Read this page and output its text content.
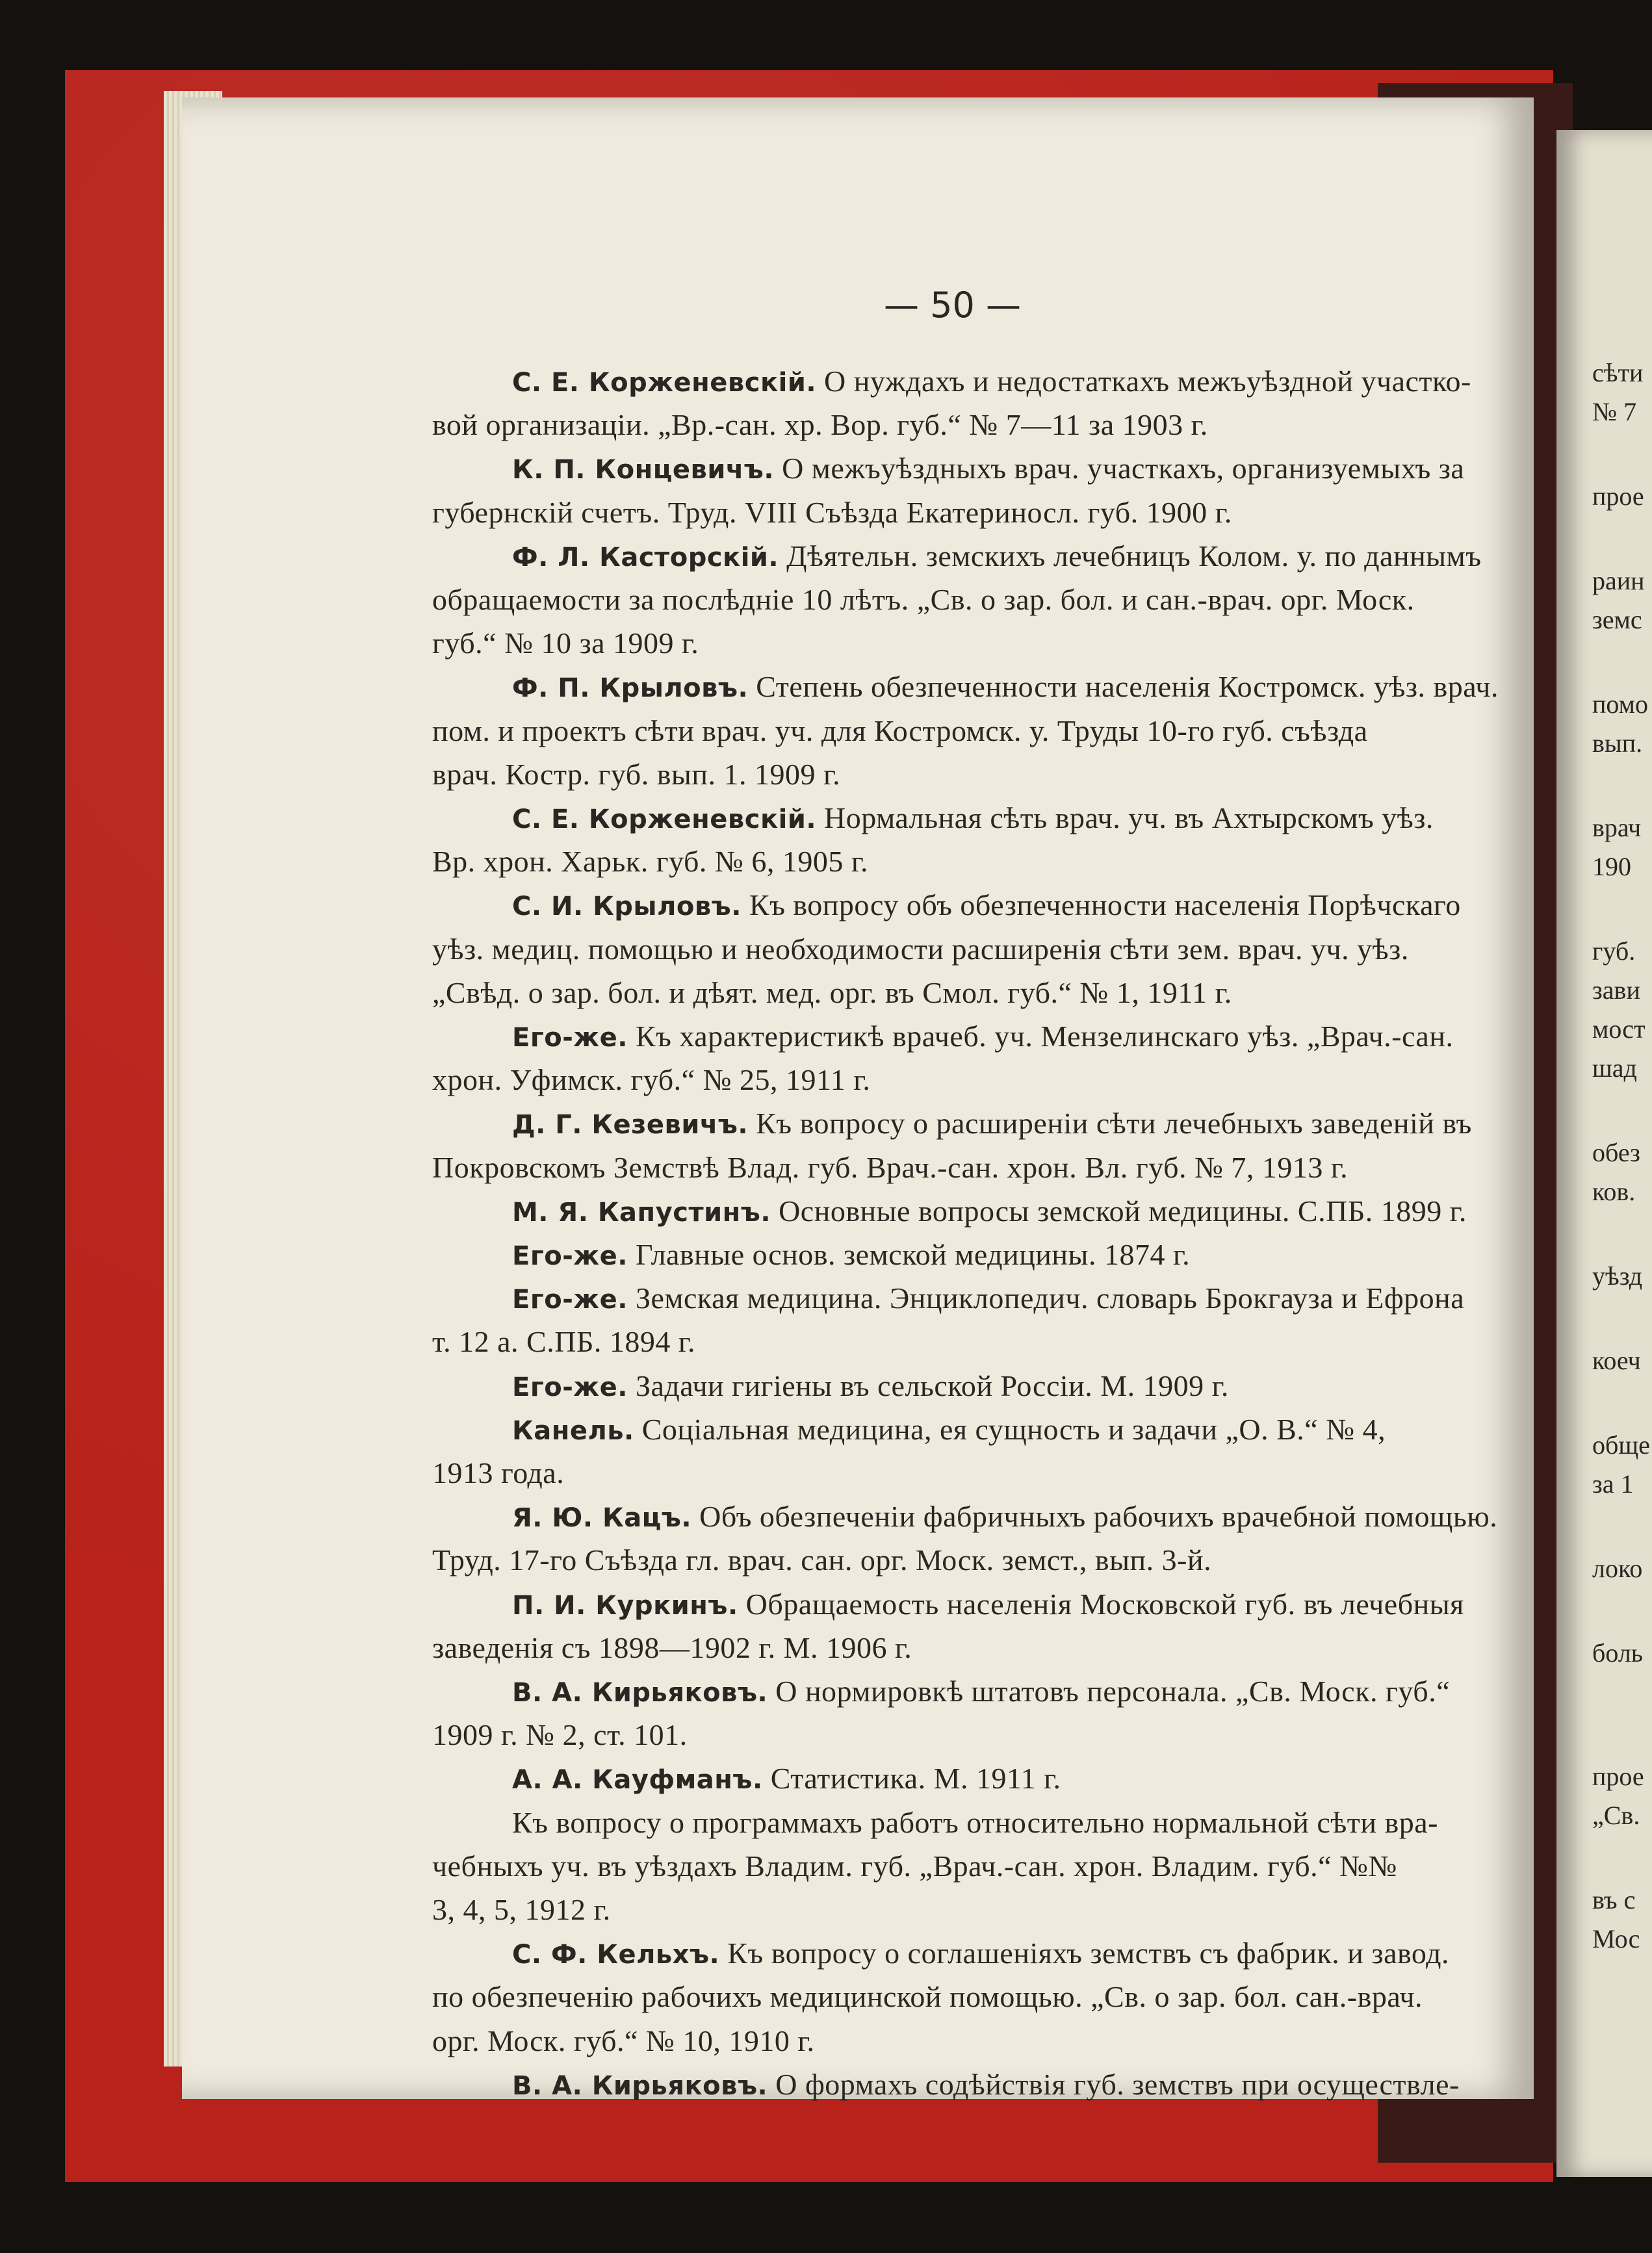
сѣти
№ 7
прое
раин
земс
помо
вып.
врач
190
губ.
зави
мост
шад
обез
ков.
уѣзд
коеч
обще
за 1
локо
боль
прое
„Св.
въ с
Мос
— 50 —
С. Е. Корженевскій. О нуждахъ и недостаткахъ межъуѣздной участко-
вой организаціи. „Вр.-сан. хр. Вор. губ.“ № 7—11 за 1903 г.
К. П. Концевичъ. О межъуѣздныхъ врач. участкахъ, организуемыхъ за
губернскій счетъ. Труд. VIII Съѣзда Екатериносл. губ. 1900 г.
Ф. Л. Касторскій. Дѣятельн. земскихъ лечебницъ Колом. у. по даннымъ
обращаемости за послѣдніе 10 лѣтъ. „Св. о зар. бол. и сан.-врач. орг. Моск.
губ.“ № 10 за 1909 г.
Ф. П. Крыловъ. Степень обезпеченности населенія Костромск. уѣз. врач.
пом. и проектъ сѣти врач. уч. для Костромск. у. Труды 10-го губ. съѣзда
врач. Костр. губ. вып. 1. 1909 г.
С. Е. Корженевскій. Нормальная сѣть врач. уч. въ Ахтырскомъ уѣз.
Вр. хрон. Харьк. губ. № 6, 1905 г.
С. И. Крыловъ. Къ вопросу объ обезпеченности населенія Порѣчскаго
уѣз. медиц. помощью и необходимости расширенія сѣти зем. врач. уч. уѣз.
„Свѣд. о зар. бол. и дѣят. мед. орг. въ Смол. губ.“ № 1, 1911 г.
Его-же. Къ характеристикѣ врачеб. уч. Мензелинскаго уѣз. „Врач.-сан.
хрон. Уфимск. губ.“ № 25, 1911 г.
Д. Г. Кезевичъ. Къ вопросу о расширеніи сѣти лечебныхъ заведеній въ
Покровскомъ Земствѣ Влад. губ. Врач.-сан. хрон. Вл. губ. № 7, 1913 г.
М. Я. Капустинъ. Основные вопросы земской медицины. С.ПБ. 1899 г.
Его-же. Главные основ. земской медицины. 1874 г.
Его-же. Земская медицина. Энциклопедич. словарь Брокгауза и Ефрона
т. 12 а. С.ПБ. 1894 г.
Его-же. Задачи гигіены въ сельской Россіи. М. 1909 г.
Канель. Соціальная медицина, ея сущность и задачи „О. В.“ № 4,
1913 года.
Я. Ю. Кацъ. Объ обезпеченіи фабричныхъ рабочихъ врачебной помощью.
Труд. 17-го Съѣзда гл. врач. сан. орг. Моск. земст., вып. 3-й.
П. И. Куркинъ. Обращаемость населенія Московской губ. въ лечебныя
заведенія съ 1898—1902 г. М. 1906 г.
В. А. Кирьяковъ. О нормировкѣ штатовъ персонала. „Св. Моск. губ.“
1909 г. № 2, ст. 101.
А. А. Кауфманъ. Статистика. М. 1911 г.
Къ вопросу о программахъ работъ относительно нормальной сѣти вра-
чебныхъ уч. въ уѣздахъ Владим. губ. „Врач.-сан. хрон. Владим. губ.“ №№
3, 4, 5, 1912 г.
С. Ф. Кельхъ. Къ вопросу о соглашеніяхъ земствъ съ фабрик. и завод.
по обезпеченію рабочихъ медицинской помощью. „Св. о зар. бол. сан.-врач.
орг. Моск. губ.“ № 10, 1910 г.
В. А. Кирьяковъ. О формахъ содѣйствія губ. земствъ при осуществле-
